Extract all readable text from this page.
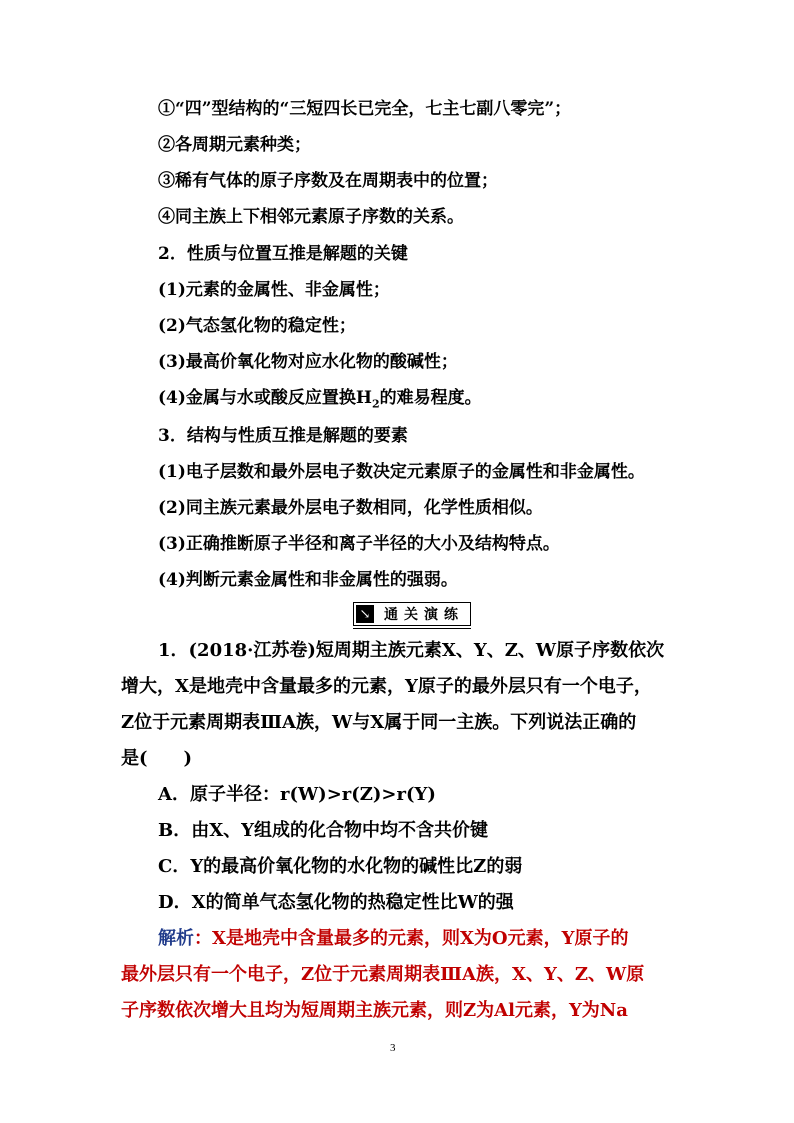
①“四”型结构的“三短四长已完全，七主七副八零完”；
②各周期元素种类；
③稀有气体的原子序数及在周期表中的位置；
④同主族上下相邻元素原子序数的关系。
2．性质与位置互推是解题的关键
(1)元素的金属性、非金属性；
(2)气态氢化物的稳定性；
(3)最高价氧化物对应水化物的酸碱性；
(4)金属与水或酸反应置换$H_2$的难易程度。
3．结构与性质互推是解题的要素
(1)电子层数和最外层电子数决定元素原子的金属性和非金属性。
(2)同主族元素最外层电子数相同，化学性质相似。
(3)正确推断原子半径和离子半径的大小及结构特点。
(4)判断元素金属性和非金属性的强弱。
↘ 通关演练
1．(2018·江苏卷)短周期主族元素X、Y、Z、W原子序数依次
增大，X是地壳中含量最多的元素，Y原子的最外层只有一个电子，
Z位于元素周期表ⅢA族，W与X属于同一主族。下列说法正确的
是(　　)
A．原子半径：r(W)>r(Z)>r(Y)
B．由X、Y组成的化合物中均不含共价键
C．Y的最高价氧化物的水化物的碱性比Z的弱
D．X的简单气态氢化物的热稳定性比W的强
解析：X是地壳中含量最多的元素，则X为O元素，Y原子的
最外层只有一个电子，Z位于元素周期表ⅢA族，X、Y、Z、W原
子序数依次增大且均为短周期主族元素，则Z为Al元素，Y为Na
3
